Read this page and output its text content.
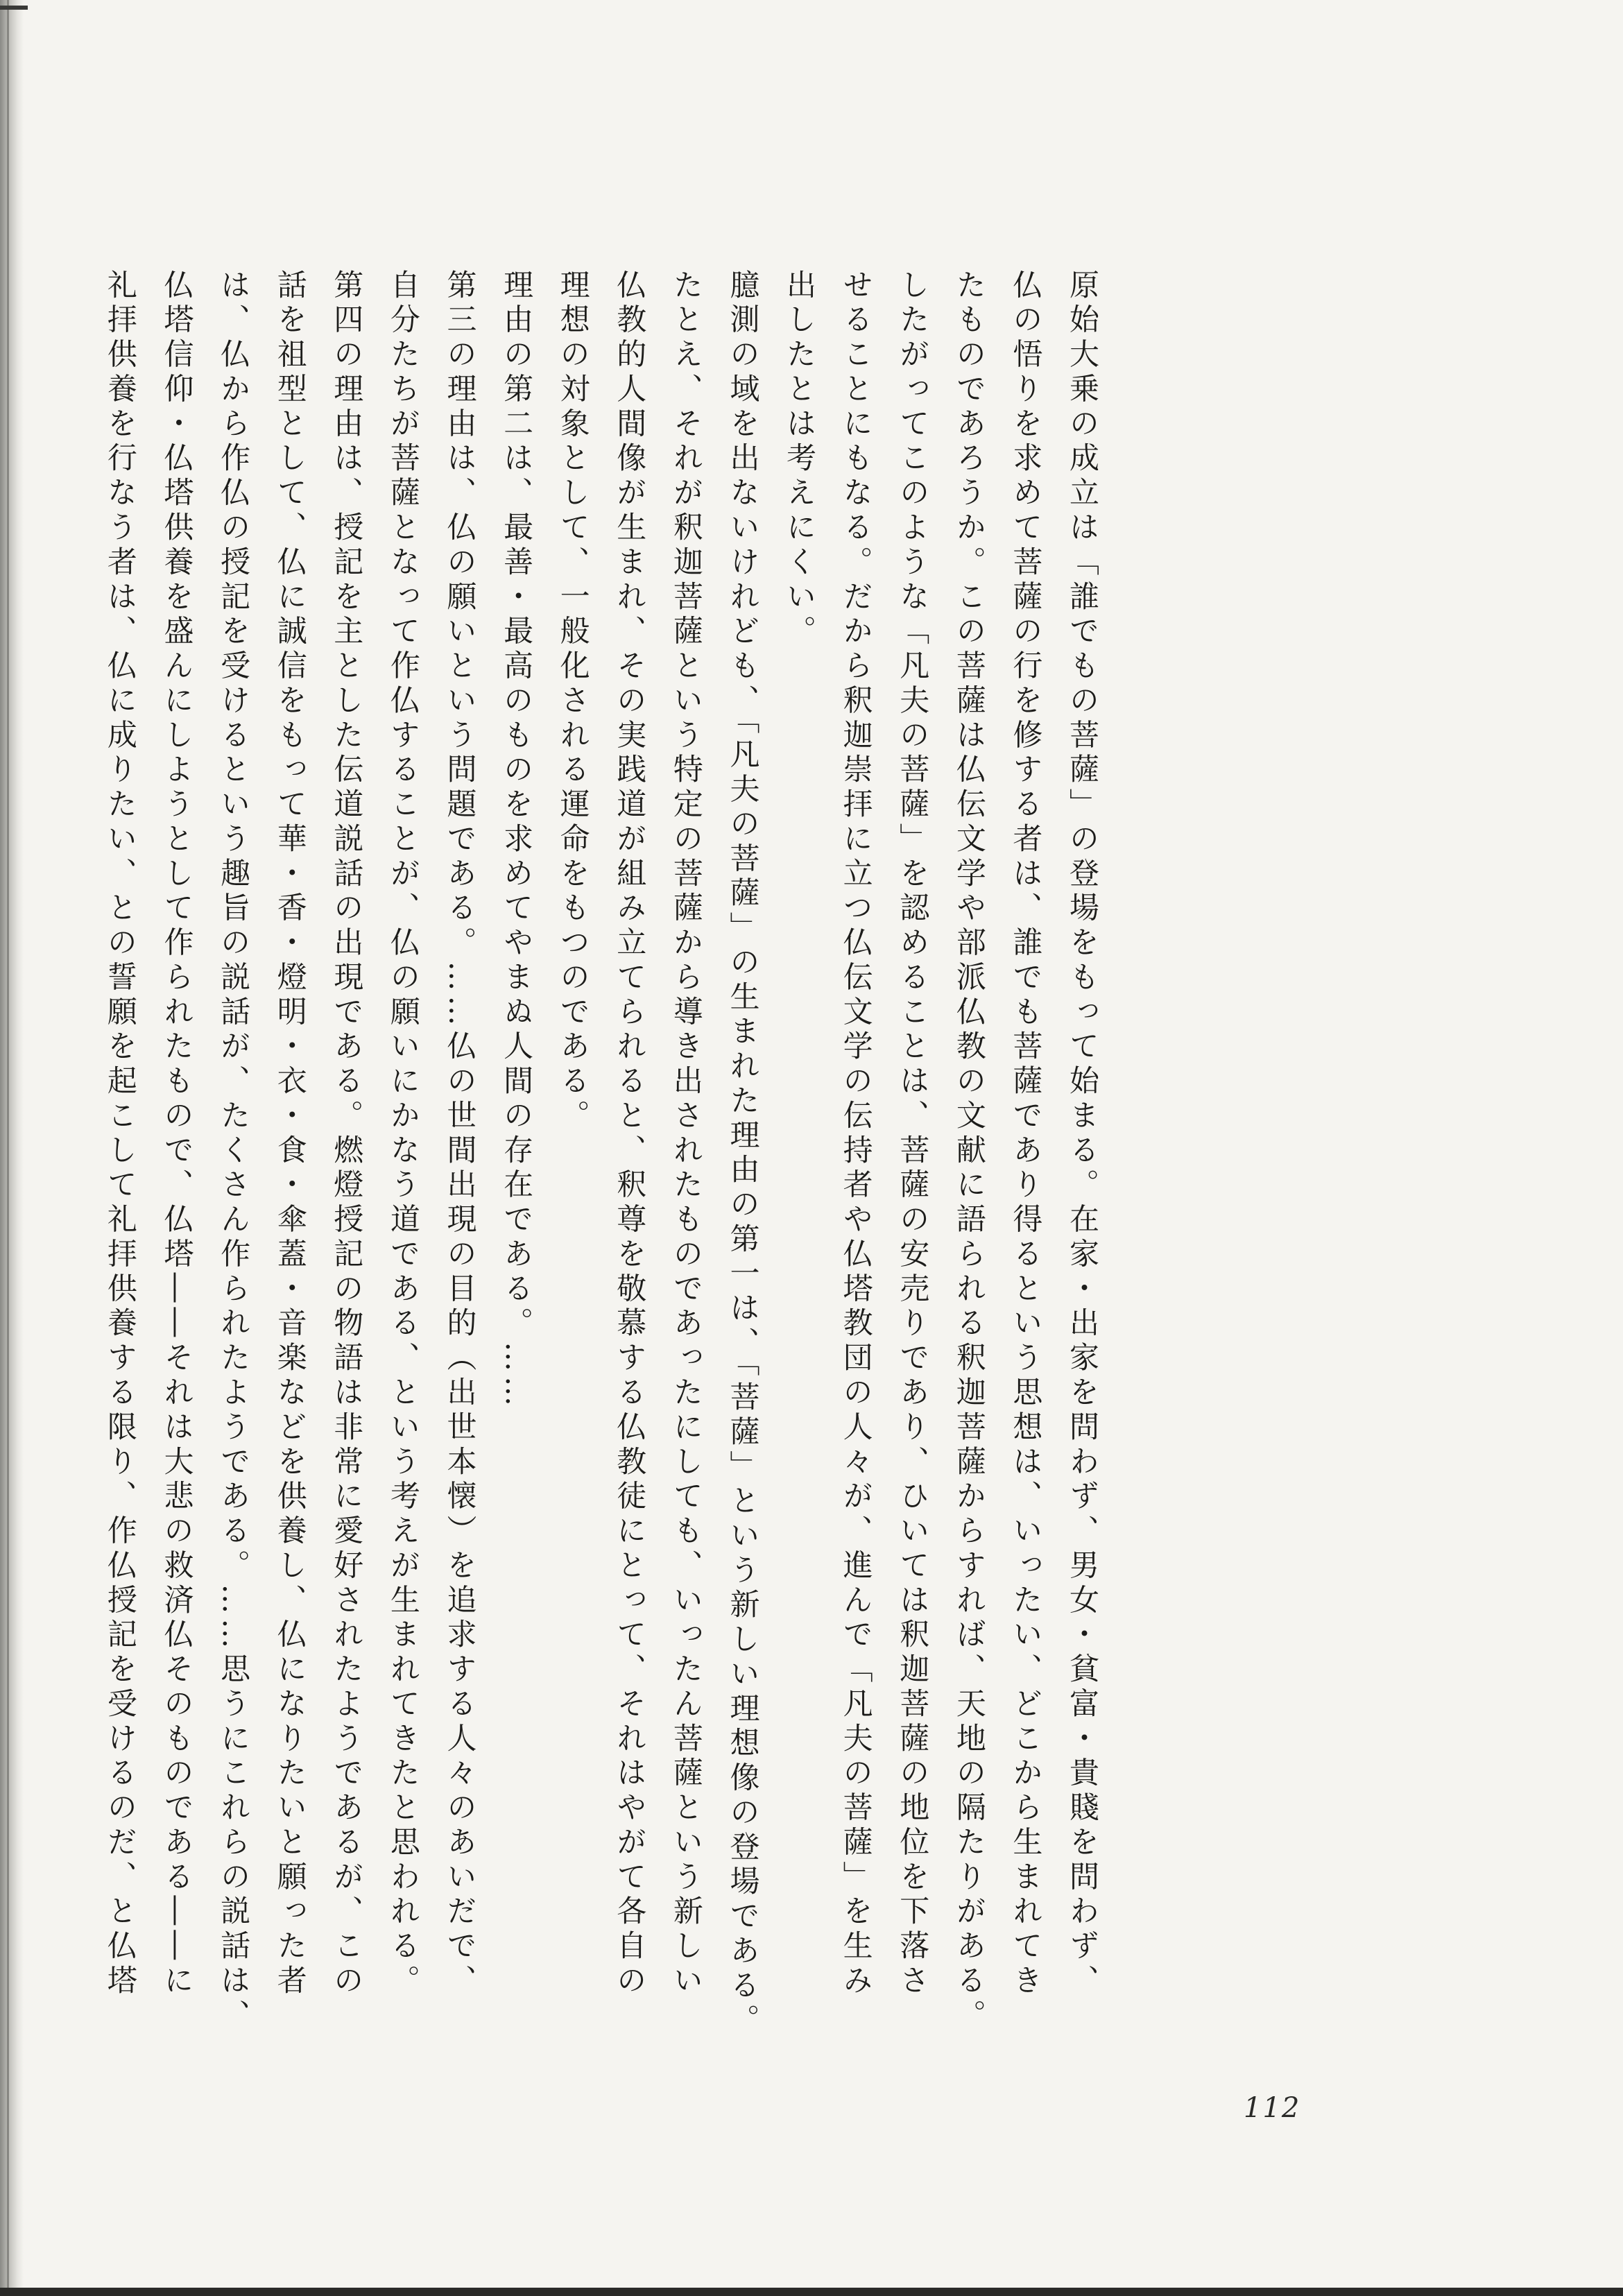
原始大乗の成立は「誰でもの菩薩」の登場をもって始まる。在家・出家を問わず、男女・貧富・貴賤を問わず、

仏の悟りを求めて菩薩の行を修する者は、誰でも菩薩であり得るという思想は、いったい、どこから生まれてき

たものであろうか。この菩薩は仏伝文学や部派仏教の文献に語られる釈迦菩薩からすれば、天地の隔たりがある。

したがってこのような「凡夫の菩薩」を認めることは、菩薩の安売りであり、ひいては釈迦菩薩の地位を下落さ

せることにもなる。だから釈迦崇拝に立つ仏伝文学の伝持者や仏塔教団の人々が、進んで「凡夫の菩薩」を生み

出したとは考えにくい。

臆測の域を出ないけれども、「凡夫の菩薩」の生まれた理由の第一は、「菩薩」という新しい理想像の登場である。

たとえ、それが釈迦菩薩という特定の菩薩から導き出されたものであったにしても、いったん菩薩という新しい

仏教的人間像が生まれ、その実践道が組み立てられると、釈尊を敬慕する仏教徒にとって、それはやがて各自の

理想の対象として、一般化される運命をもつのである。

理由の第二は、最善・最高のものを求めてやまぬ人間の存在である。……

第三の理由は、仏の願いという問題である。……仏の世間出現の目的（出世本懐）を追求する人々のあいだで、

自分たちが菩薩となって作仏することが、仏の願いにかなう道である、という考えが生まれてきたと思われる。

第四の理由は、授記を主とした伝道説話の出現である。燃燈授記の物語は非常に愛好されたようであるが、この

話を祖型として、仏に誠信をもって華・香・燈明・衣・食・傘蓋・音楽などを供養し、仏になりたいと願った者

は、仏から作仏の授記を受けるという趣旨の説話が、たくさん作られたようである。……思うにこれらの説話は、

仏塔信仰・仏塔供養を盛んにしようとして作られたもので、仏塔――それは大悲の救済仏そのものである――に

礼拝供養を行なう者は、仏に成りたい、との誓願を起こして礼拝供養する限り、作仏授記を受けるのだ、と仏塔

112
